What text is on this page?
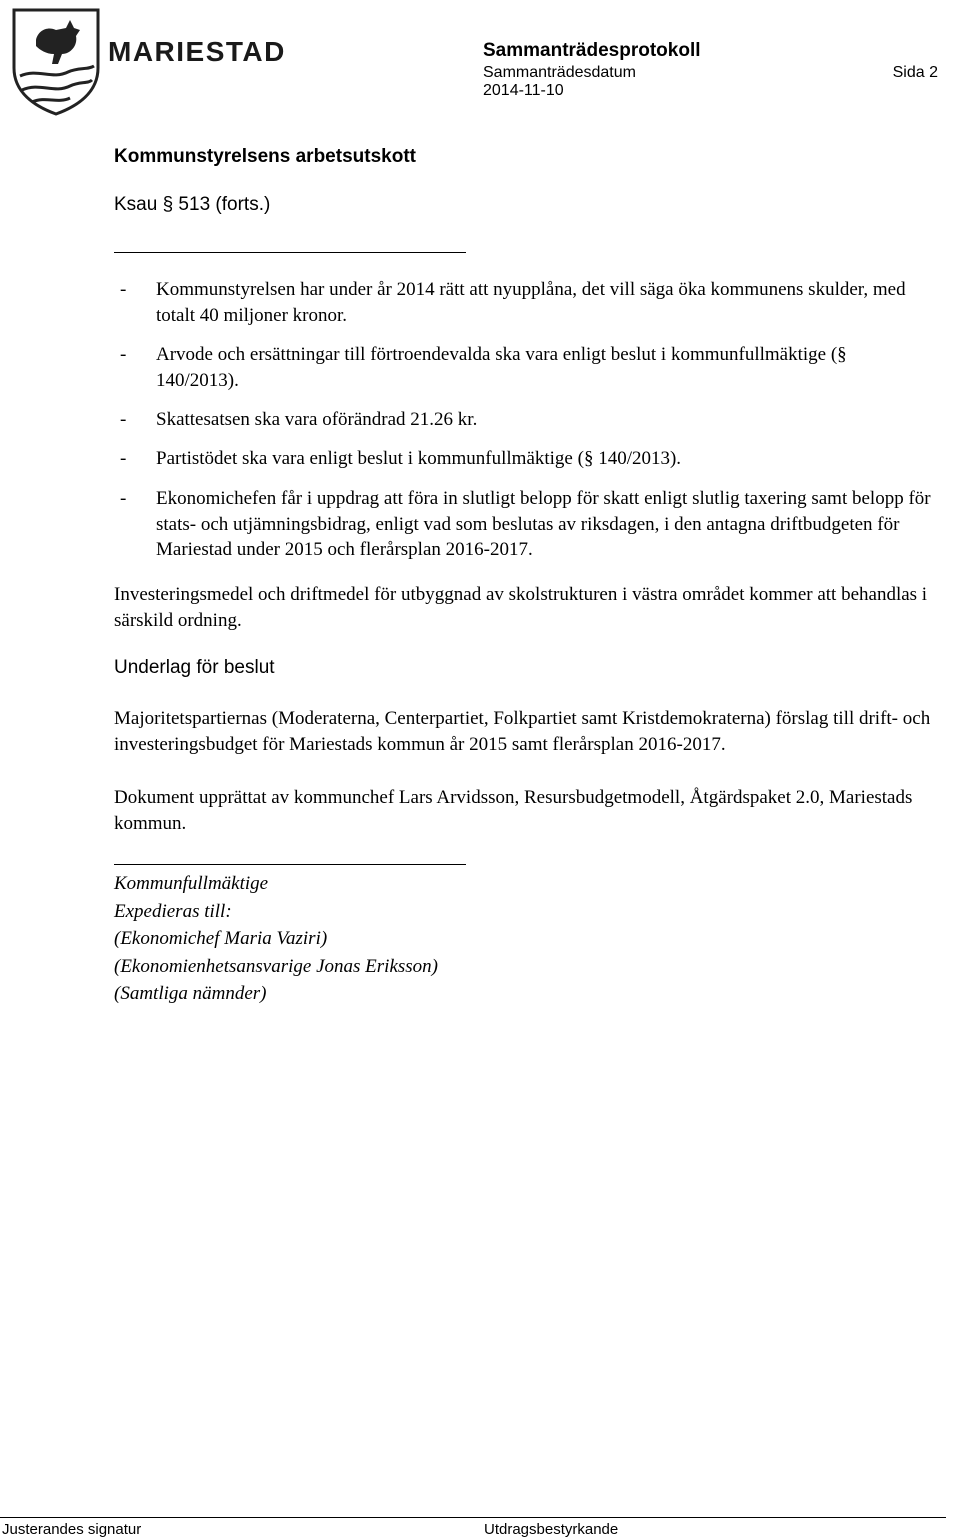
MARIESTAD	Sammanträdesprotokoll
Sammanträdesdatum	Sida 2
2014-11-10
Kommunstyrelsens arbetsutskott
Ksau § 513 (forts.)
- Kommunstyrelsen har under år 2014 rätt att nyupplåna, det vill säga öka kommunens skulder, med totalt 40 miljoner kronor.
- Arvode och ersättningar till förtroendevalda ska vara enligt beslut i kommunfullmäktige (§ 140/2013).
- Skattesatsen ska vara oförändrad 21.26 kr.
- Partistödet ska vara enligt beslut i kommunfullmäktige (§ 140/2013).
- Ekonomichefen får i uppdrag att föra in slutligt belopp för skatt enligt slutlig taxering samt belopp för stats- och utjämningsbidrag, enligt vad som beslutas av riksdagen, i den antagna driftbudgeten för Mariestad under 2015 och flerårsplan 2016-2017.
Investeringsmedel och driftmedel för utbyggnad av skolstrukturen i västra området kommer att behandlas i särskild ordning.
Underlag för beslut
Majoritetspartiernas (Moderaterna, Centerpartiet, Folkpartiet samt Kristdemokraterna) förslag till drift- och investeringsbudget för Mariestads kommun år 2015 samt flerårsplan 2016-2017.
Dokument upprättat av kommunchef Lars Arvidsson, Resursbudgetmodell, Åtgärdspaket 2.0, Mariestads kommun.
Kommunfullmäktige
Expedieras till:
(Ekonomichef Maria Vaziri)
(Ekonomienhetsansvarige Jonas Eriksson)
(Samtliga nämnder)
Justerandes signatur	Utdragsbestyrkande
